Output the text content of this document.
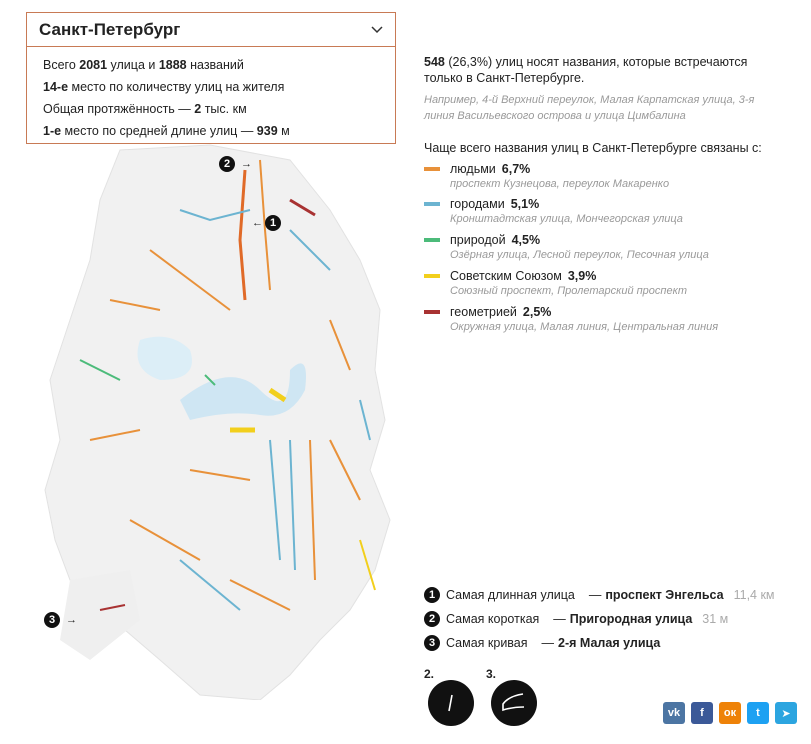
2 →
← 1
3 →
Санкт-Петербург
Всего 2081 улица и 1888 названий
14-е место по количеству улиц на жителя
Общая протяжённость — 2 тыс. км
1-е место по средней длине улиц — 939 м
548 (26,3%) улиц носят названия, которые встречаются только в Санкт-Петербурге.
Например, 4-й Верхний переулок, Малая Карпатская улица, 3-я линия Васильевского острова и улица Цимбалина
Чаще всего названия улиц в Санкт-Петербурге связаны с:
людьми 6,7%
проспект Кузнецова, переулок Макаренко
городами 5,1%
Кронштадтская улица, Мончегорская улица
природой 4,5%
Озёрная улица, Лесной переулок, Песочная улица
Советским Союзом 3,9%
Союзный проспект, Пролетарский проспект
геометрией 2,5%
Окружная улица, Малая линия, Центральная линия
1 Самая длинная улица — проспект Энгельса 11,4 км
2 Самая короткая — Пригородная улица 31 м
3 Самая кривая — 2-я Малая улица
2.	3.
vk f ок t ➤
